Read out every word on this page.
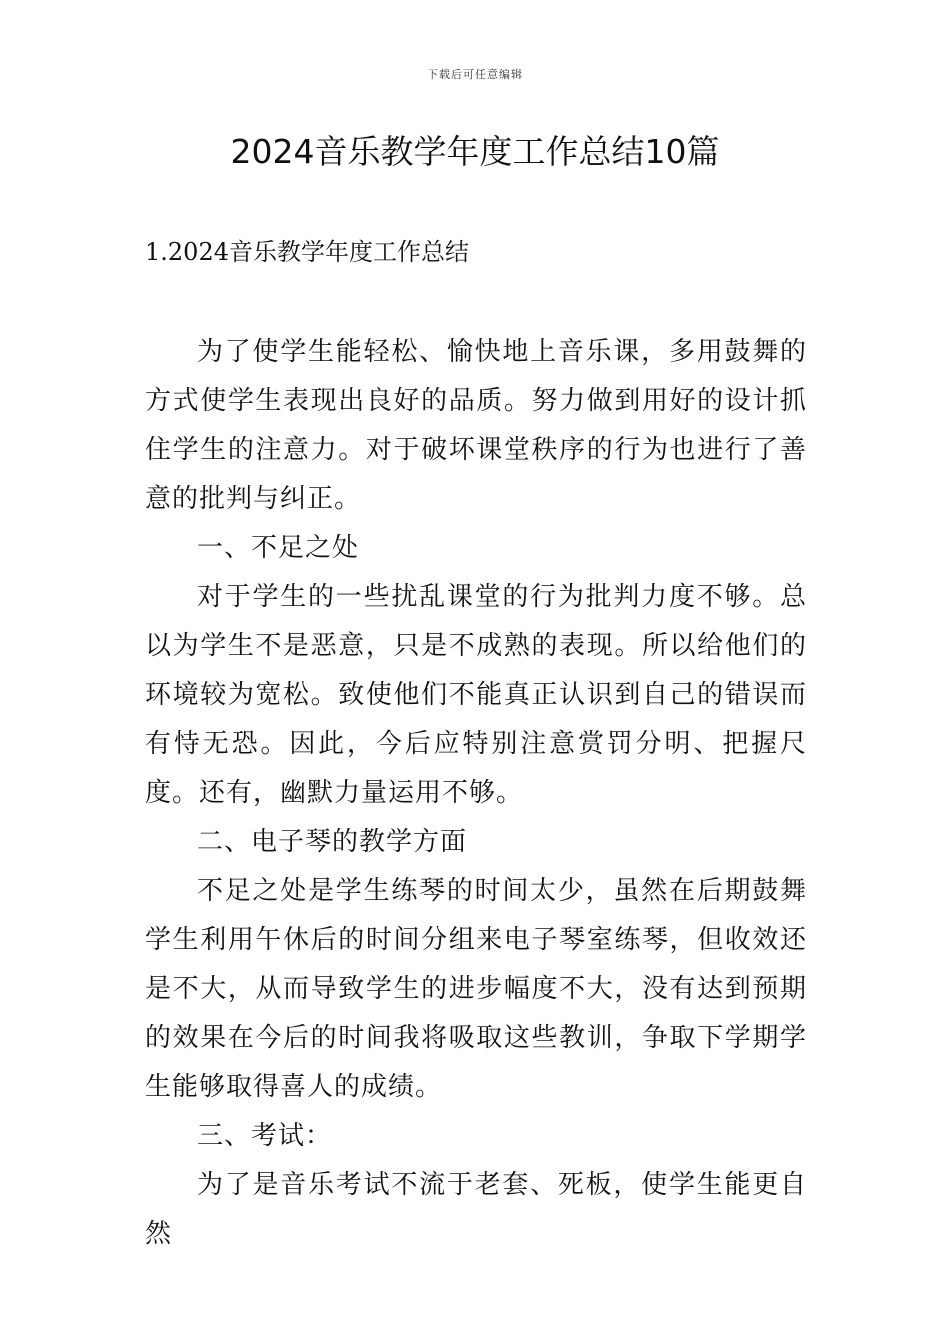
下载后可任意编辑
2024音乐教学年度工作总结10篇
1.2024音乐教学年度工作总结

为了使学生能轻松、愉快地上音乐课，多用鼓舞的方式使学生表现出良好的品质。努力做到用好的设计抓住学生的注意力。对于破坏课堂秩序的行为也进行了善意的批判与纠正。

一、不足之处

对于学生的一些扰乱课堂的行为批判力度不够。总以为学生不是恶意，只是不成熟的表现。所以给他们的环境较为宽松。致使他们不能真正认识到自己的错误而有恃无恐。因此，今后应特别注意赏罚分明、把握尺度。还有，幽默力量运用不够。

二、电子琴的教学方面

不足之处是学生练琴的时间太少，虽然在后期鼓舞学生利用午休后的时间分组来电子琴室练琴，但收效还是不大，从而导致学生的进步幅度不大，没有达到预期的效果在今后的时间我将吸取这些教训，争取下学期学生能够取得喜人的成绩。

三、考试：

为了是音乐考试不流于老套、死板，使学生能更自然
